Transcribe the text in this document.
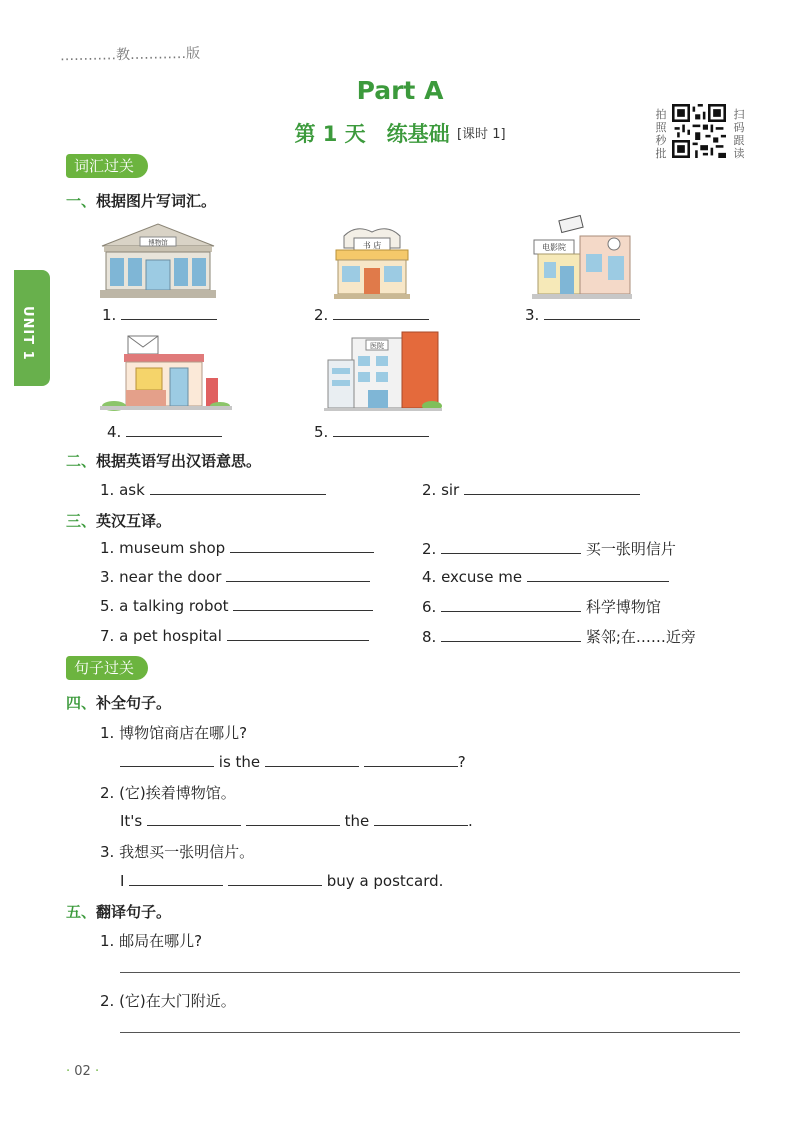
…………教…………版
Part A
第 1 天　练基础 [课时 1]
拍照秒批
扫码跟读
UNIT 1
词汇过关
一、根据图片写词汇。
博物馆
1.
书 店
2.
电影院
3.
4.
医院
5.
二、根据英语写出汉语意思。
1. ask	2. sir
三、英汉互译。
1. museum shop	2.	买一张明信片
3. near the door	4. excuse me
5. a talking robot	6.	科学博物馆
7. a pet hospital	8.	紧邻;在……近旁
句子过关
四、补全句子。
1. 博物馆商店在哪儿?
is the	?
2. (它)挨着博物馆。
It's	the	.
3. 我想买一张明信片。
I	buy a postcard.
五、翻译句子。
1. 邮局在哪儿?
2. (它)在大门附近。
· 02 ·
